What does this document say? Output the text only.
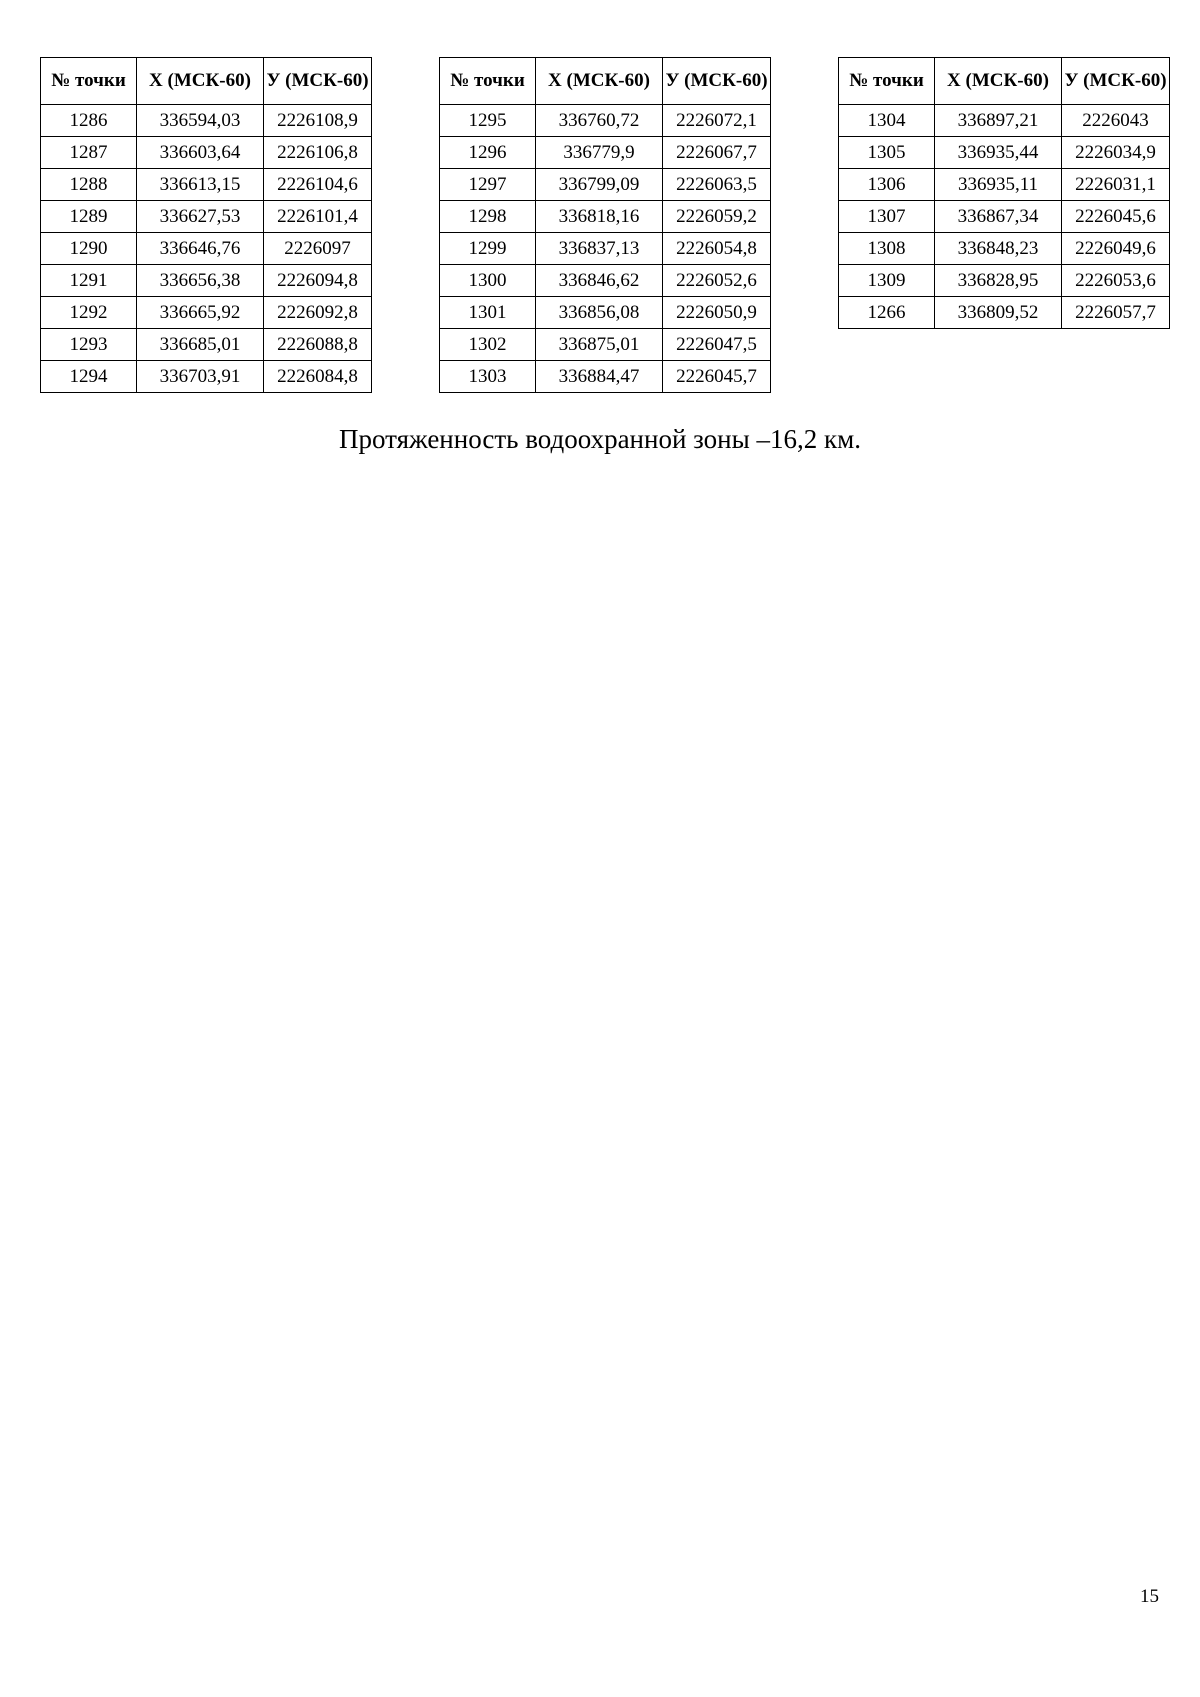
№ точки	Х (МСК-60)	У (МСК-60)
1286	336594,03	2226108,9
1287	336603,64	2226106,8
1288	336613,15	2226104,6
1289	336627,53	2226101,4
1290	336646,76	2226097
1291	336656,38	2226094,8
1292	336665,92	2226092,8
1293	336685,01	2226088,8
1294	336703,91	2226084,8
№ точки	Х (МСК-60)	У (МСК-60)
1295	336760,72	2226072,1
1296	336779,9	2226067,7
1297	336799,09	2226063,5
1298	336818,16	2226059,2
1299	336837,13	2226054,8
1300	336846,62	2226052,6
1301	336856,08	2226050,9
1302	336875,01	2226047,5
1303	336884,47	2226045,7
№ точки	Х (МСК-60)	У (МСК-60)
1304	336897,21	2226043
1305	336935,44	2226034,9
1306	336935,11	2226031,1
1307	336867,34	2226045,6
1308	336848,23	2226049,6
1309	336828,95	2226053,6
1266	336809,52	2226057,7
Протяженность водоохранной зоны –16,2 км.
15
